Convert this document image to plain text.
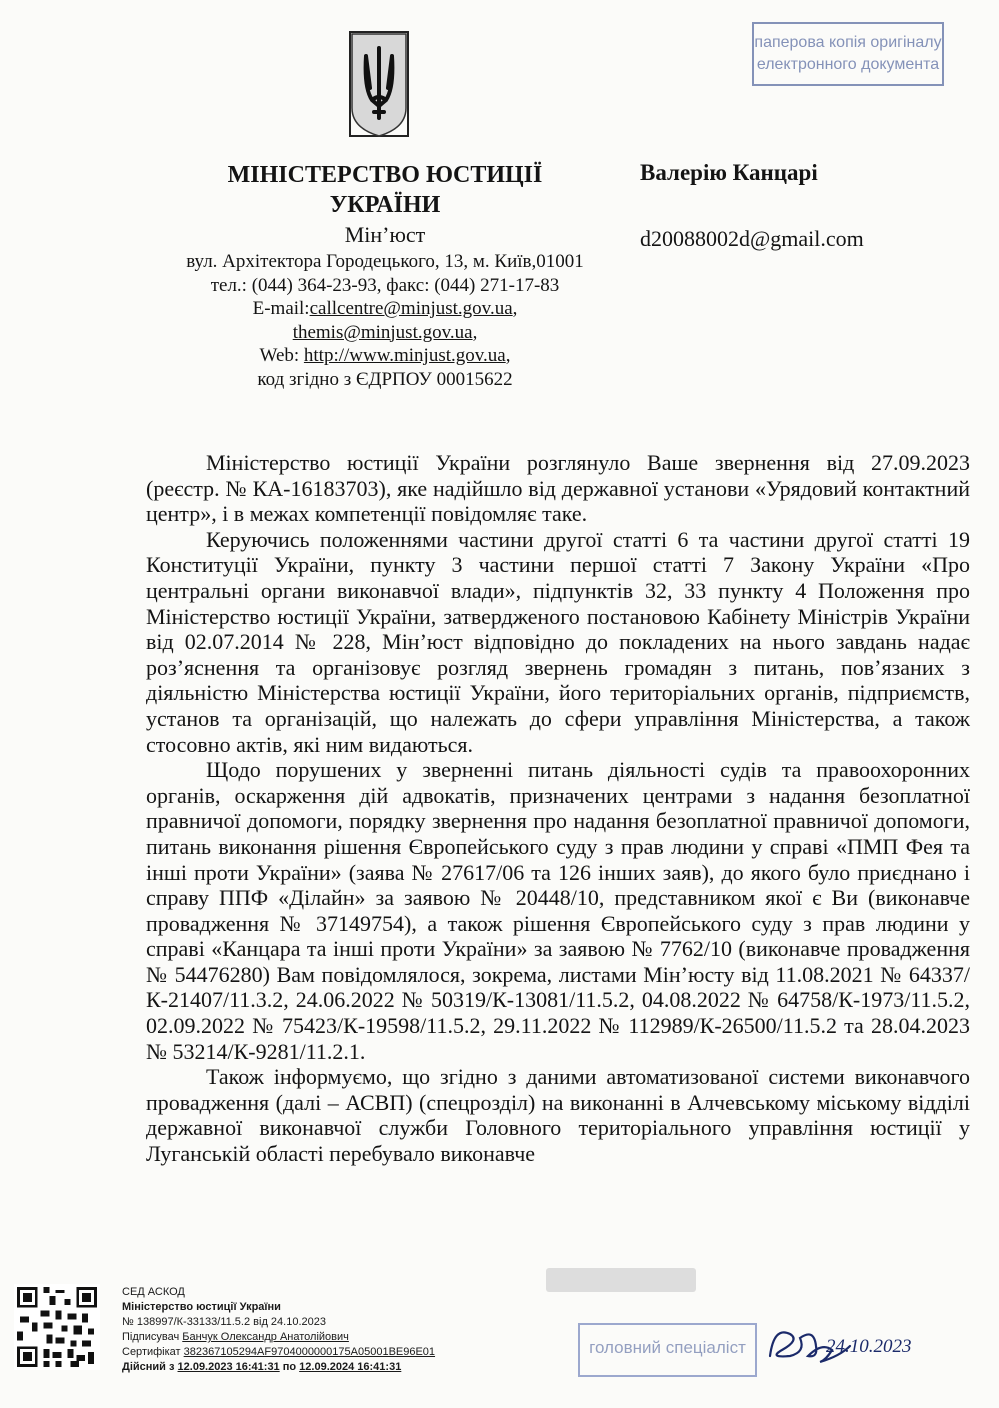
паперова копія оригіналу
електронного документа
МІНІСТЕРСТВО ЮСТИЦІЇ
УКРАЇНИ
Мін’юст
вул. Архітектора Городецького, 13, м. Київ,01001
тел.: (044) 364-23-93, факс: (044) 271-17-83
E-mail:callcentre@minjust.gov.ua,
themis@minjust.gov.ua,
Web: http://www.minjust.gov.ua,
код згідно з ЄДРПОУ 00015622
Валерію Канцарі
d20088002d@gmail.com

Міністерство юстиції України розглянуло Ваше звернення від 27.09.2023 (реєстр. № КА-16183703), яке надійшло від державної установи «Урядовий контактний центр», і в межах компетенції повідомляє таке.

Керуючись положеннями частини другої статті 6 та частини другої статті 19 Конституції України, пункту 3 частини першої статті 7 Закону України «Про центральні органи виконавчої влади», підпунктів 32, 33 пункту 4 Положення про Міністерство юстиції України, затвердженого постановою Кабінету Міністрів України від 02.07.2014 № 228, Мін’юст відповідно до покладених на нього завдань надає роз’яснення та організовує розгляд звернень громадян з питань, пов’язаних з діяльністю Міністерства юстиції України, його територіальних органів, підприємств, установ та організацій, що належать до сфери управління Міністерства, а також стосовно актів, які ним видаються.

Щодо порушених у зверненні питань діяльності судів та правоохоронних органів, оскарження дій адвокатів, призначених центрами з надання безоплатної правничої допомоги, порядку звернення про надання безоплатної правничої допомоги, питань виконання рішення Європейського суду з прав людини у справі «ПМП Фея та інші проти України» (заява № 27617/06 та 126 інших заяв), до якого було приєднано і справу ППФ «Ділайн» за заявою № 20448/10, представником якої є Ви (виконавче провадження № 37149754), а також рішення Європейського суду з прав людини у справі «Канцара та інші проти України» за заявою № 7762/10 (виконавче провадження № 54476280) Вам повідомлялося, зокрема, листами Мін’юсту від 11.08.2021 № 64337/К-21407/11.3.2, 24.06.2022 № 50319/К-13081/11.5.2, 04.08.2022 № 64758/К-1973/11.5.2, 02.09.2022 № 75423/К-19598/11.5.2, 29.11.2022 № 112989/К-26500/11.5.2 та 28.04.2023 № 53214/К-9281/11.2.1.

Також інформуємо, що згідно з даними автоматизованої системи виконавчого провадження (далі – АСВП) (спецрозділ) на виконанні в Алчевському міському відділі державної виконавчої служби Головного територіального управління юстиції у Луганській області перебувало виконавче

СЕД АСКОД
Міністерство юстиції України
№ 138997/К-33133/11.5.2 від 24.10.2023
Підписувач Банчук Олександр Анатолійович
Сертифікат 382367105294AF9704000000175A05001BE96E01
Дійсний з 12.09.2023 16:41:31 по 12.09.2024 16:41:31
головний спеціаліст	24.10.2023
